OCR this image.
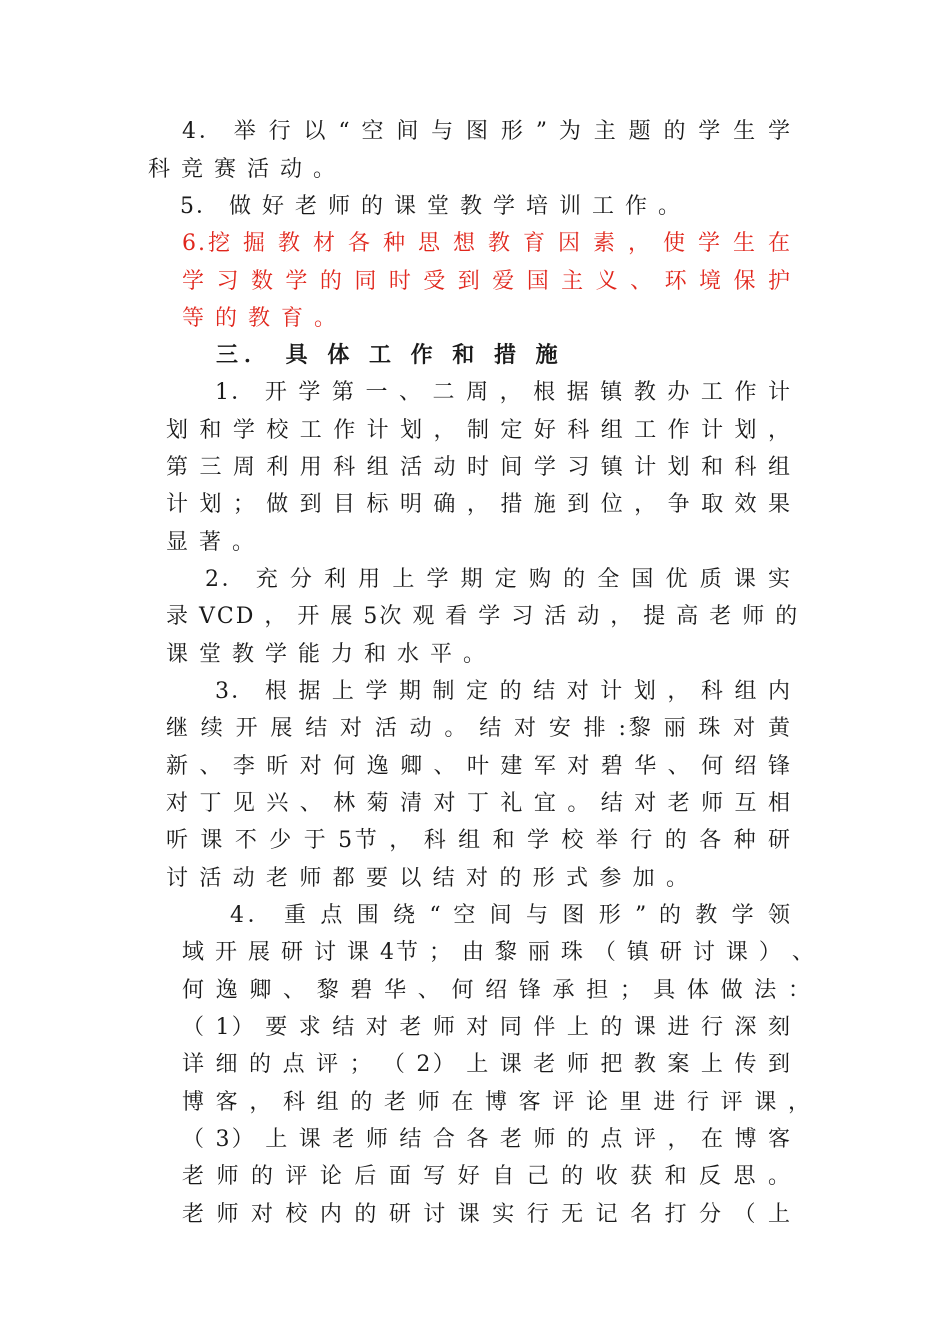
4． 举 行 以 “ 空 间 与 图 形 ” 为 主 题 的 学 生 学
科 竞 赛 活 动 。
5． 做 好 老 师 的 课 堂 教 学 培 训 工 作 。
6.挖 掘 教 材 各 种 思 想 教 育 因 素 ， 使 学 生 在
学 习 数 学 的 同 时 受 到 爱 国 主 义 、 环 境 保 护
等 的 教 育 。
三． 具 体 工 作 和 措 施
1． 开 学 第 一 、 二 周 ， 根 据 镇 教 办 工 作 计
划 和 学 校 工 作 计 划 ， 制 定 好 科 组 工 作 计 划 ，
第 三 周 利 用 科 组 活 动 时 间 学 习 镇 计 划 和 科 组
计 划 ； 做 到 目 标 明 确 ， 措 施 到 位 ， 争 取 效 果
显 著 。
2． 充 分 利 用 上 学 期 定 购 的 全 国 优 质 课 实
录 VCD ， 开 展 5次 观 看 学 习 活 动 ， 提 高 老 师 的
课 堂 教 学 能 力 和 水 平 。
3． 根 据 上 学 期 制 定 的 结 对 计 划 ， 科 组 内
继 续 开 展 结 对 活 动 。 结 对 安 排 :黎 丽 珠 对 黄
新 、 李 昕 对 何 逸 卿 、 叶 建 军 对 碧 华 、 何 绍 锋
对 丁 见 兴 、 林 菊 清 对 丁 礼 宜 。 结 对 老 师 互 相
听 课 不 少 于 5节 ， 科 组 和 学 校 举 行 的 各 种 研
讨 活 动 老 师 都 要 以 结 对 的 形 式 参 加 。
4． 重 点 围 绕 “ 空 间 与 图 形 ” 的 教 学 领
域 开 展 研 讨 课 4节 ； 由 黎 丽 珠 （ 镇 研 讨 课 ） 、
何 逸 卿 、 黎 碧 华 、 何 绍 锋 承 担 ； 具 体 做 法 ：
（ 1） 要 求 结 对 老 师 对 同 伴 上 的 课 进 行 深 刻
详 细 的 点 评 ； （ 2） 上 课 老 师 把 教 案 上 传 到
博 客 ， 科 组 的 老 师 在 博 客 评 论 里 进 行 评 课 ，
（ 3） 上 课 老 师 结 合 各 老 师 的 点 评 ， 在 博 客
老 师 的 评 论 后 面 写 好 自 己 的 收 获 和 反 思 。
老 师 对 校 内 的 研 讨 课 实 行 无 记 名 打 分 （ 上
